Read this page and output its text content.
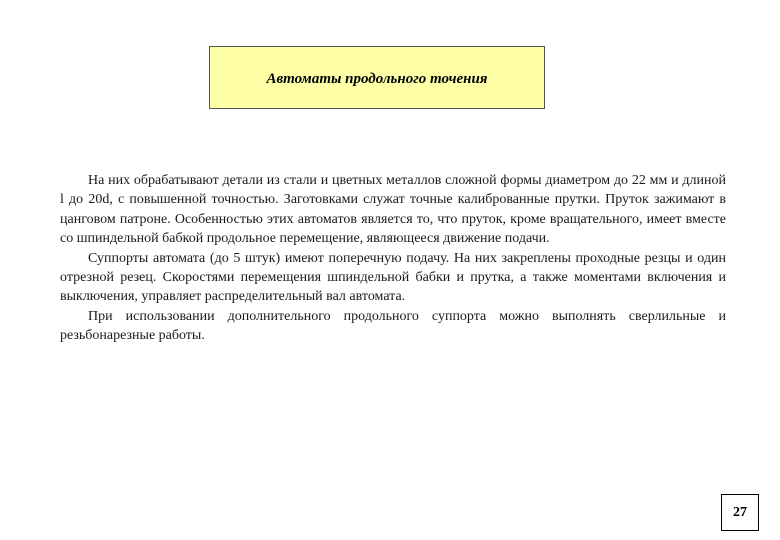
Автоматы продольного точения

На них обрабатывают детали из стали и цветных металлов сложной формы диаметром до 22 мм и длиной l до 20d, с повышенной точностью. Заготовками служат точные калиброванные прутки. Пруток зажимают в цанговом патроне. Особенностью этих автоматов является то, что пруток, кроме вращательного, имеет вместе со шпиндельной бабкой продольное перемещение, являющееся движение подачи.

Суппорты автомата (до 5 штук) имеют поперечную подачу. На них закреплены проходные резцы и один отрезной резец. Скоростями перемещения шпиндельной бабки и прутка, а также моментами включения и выключения, управляет распределительный вал автомата.

При использовании дополнительного продольного суппорта можно выполнять сверлильные и резьбонарезные работы.

27
